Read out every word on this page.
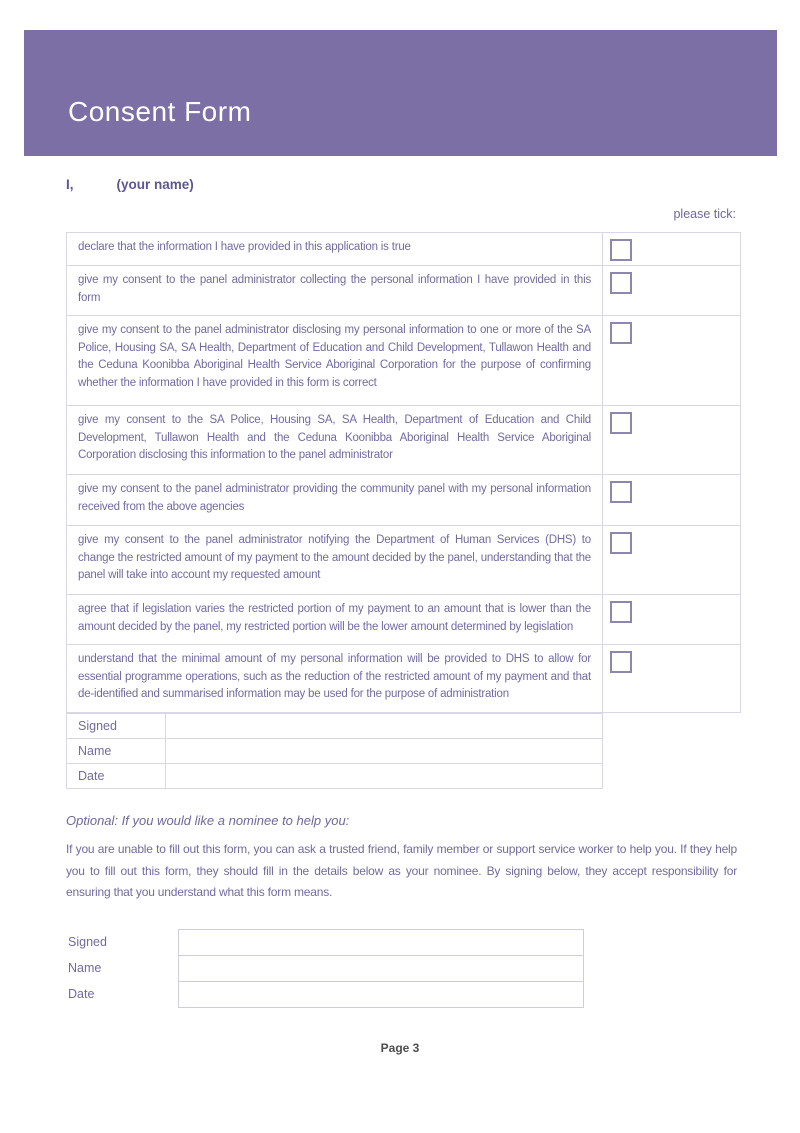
Consent Form
I,	(your name)
please tick:
declare that the information I have provided in this application is true	

give my consent to the panel administrator collecting the personal information I have provided in this form	

give my consent to the panel administrator disclosing my personal information to one or more of the SA Police, Housing SA, SA Health, Department of Education and Child Development, Tullawon Health and the Ceduna Koonibba Aboriginal Health Service Aboriginal Corporation for the purpose of confirming whether the information I have provided in this form is correct	

give my consent to the SA Police, Housing SA, SA Health, Department of Education and Child Development, Tullawon Health and the Ceduna Koonibba Aboriginal Health Service Aboriginal Corporation disclosing this information to the panel administrator	

give my consent to the panel administrator providing the community panel with my personal information received from the above agencies	

give my consent to the panel administrator notifying the Department of Human Services (DHS) to change the restricted amount of my payment to the amount decided by the panel, understanding that the panel will take into account my requested amount	

agree that if legislation varies the restricted portion of my payment to an amount that is lower than the amount decided by the panel, my restricted portion will be the lower amount determined by legislation	

understand that the minimal amount of my personal information will be provided to DHS to allow for essential programme operations, such as the reduction of the restricted amount of my payment and that de-identified and summarised information may be used for the purpose of administration	
Signed	
Name	
Date	
Optional: If you would like a nominee to help you:
If you are unable to fill out this form, you can ask a trusted friend, family member or support service worker to help you. If they help you to fill out this form, they should fill in the details below as your nominee. By signing below, they accept responsibility for ensuring that you understand what this form means.
Signed	
Name	
Date	
Page 3
